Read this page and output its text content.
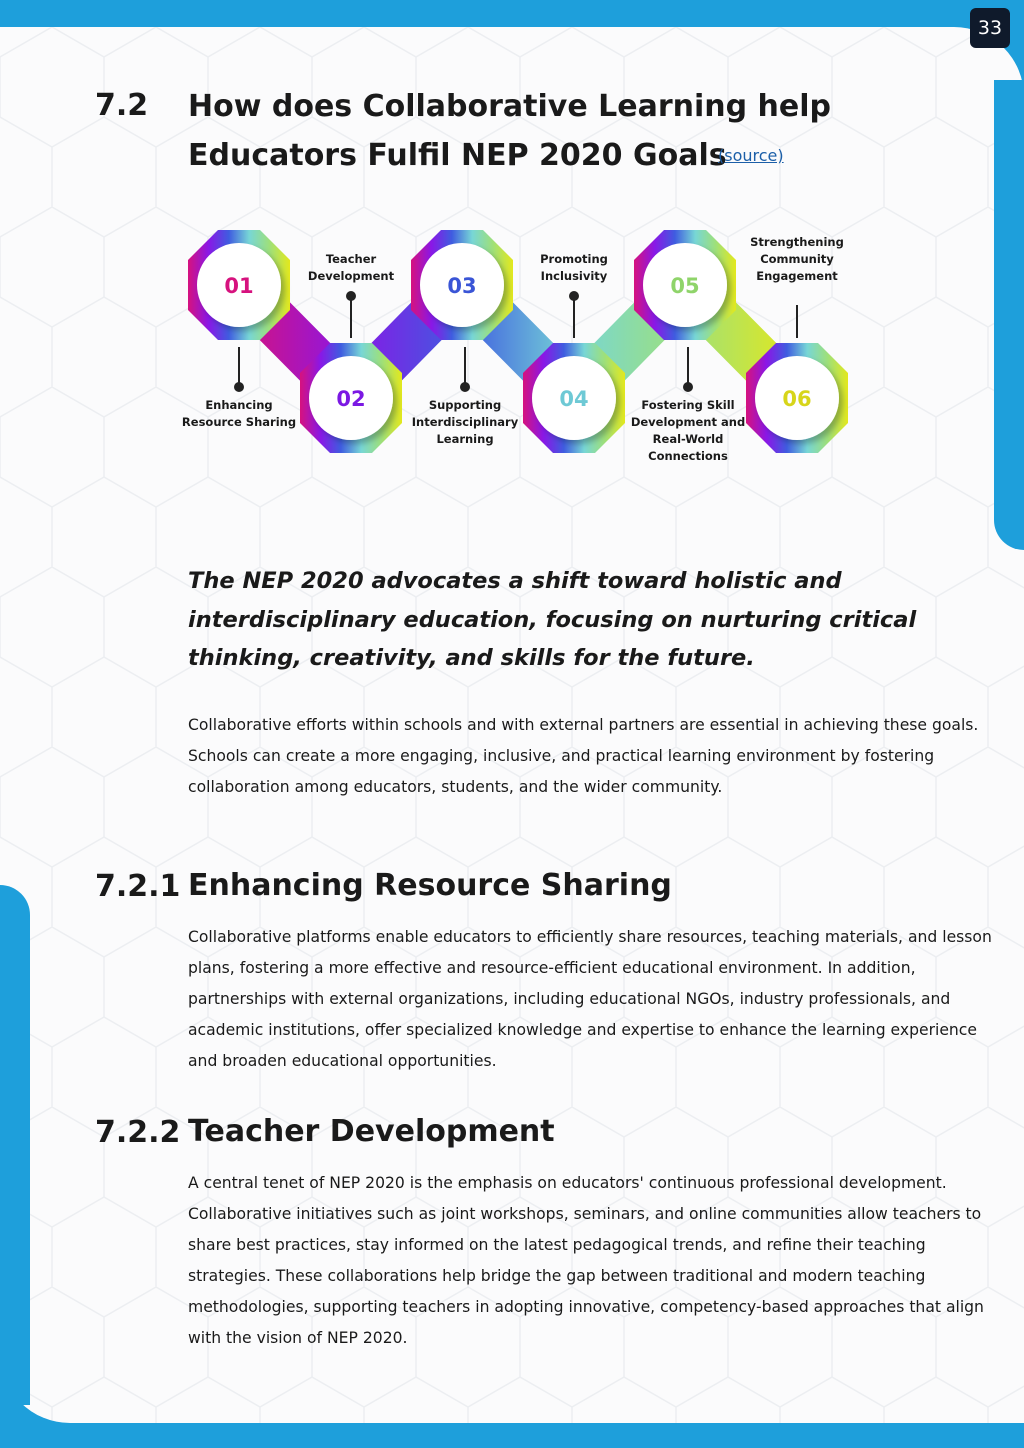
33
7.2 How does Collaborative Learning help
Educators Fulfil NEP 2020 Goals
(source)
01
02
03
04
05
06
Enhancing Resource Sharing
Teacher Development
Supporting Interdisciplinary Learning
Promoting Inclusivity
Fostering Skill Development and Real-World Connections
Strengthening Community Engagement
The NEP 2020 advocates a shift toward holistic and interdisciplinary education, focusing on nurturing critical thinking, creativity, and skills for the future.
Collaborative efforts within schools and with external partners are essential in achieving these goals. Schools can create a more engaging, inclusive, and practical learning environment by fostering collaboration among educators, students, and the wider community.
7.2.1 Enhancing Resource Sharing
Collaborative platforms enable educators to efficiently share resources, teaching materials, and lesson plans, fostering a more effective and resource-efficient educational environment. In addition, partnerships with external organizations, including educational NGOs, industry professionals, and academic institutions, offer specialized knowledge and expertise to enhance the learning experience and broaden educational opportunities.
7.2.2 Teacher Development
A central tenet of NEP 2020 is the emphasis on educators' continuous professional development. Collaborative initiatives such as joint workshops, seminars, and online communities allow teachers to share best practices, stay informed on the latest pedagogical trends, and refine their teaching strategies. These collaborations help bridge the gap between traditional and modern teaching methodologies, supporting teachers in adopting innovative, competency-based approaches that align with the vision of NEP 2020.
